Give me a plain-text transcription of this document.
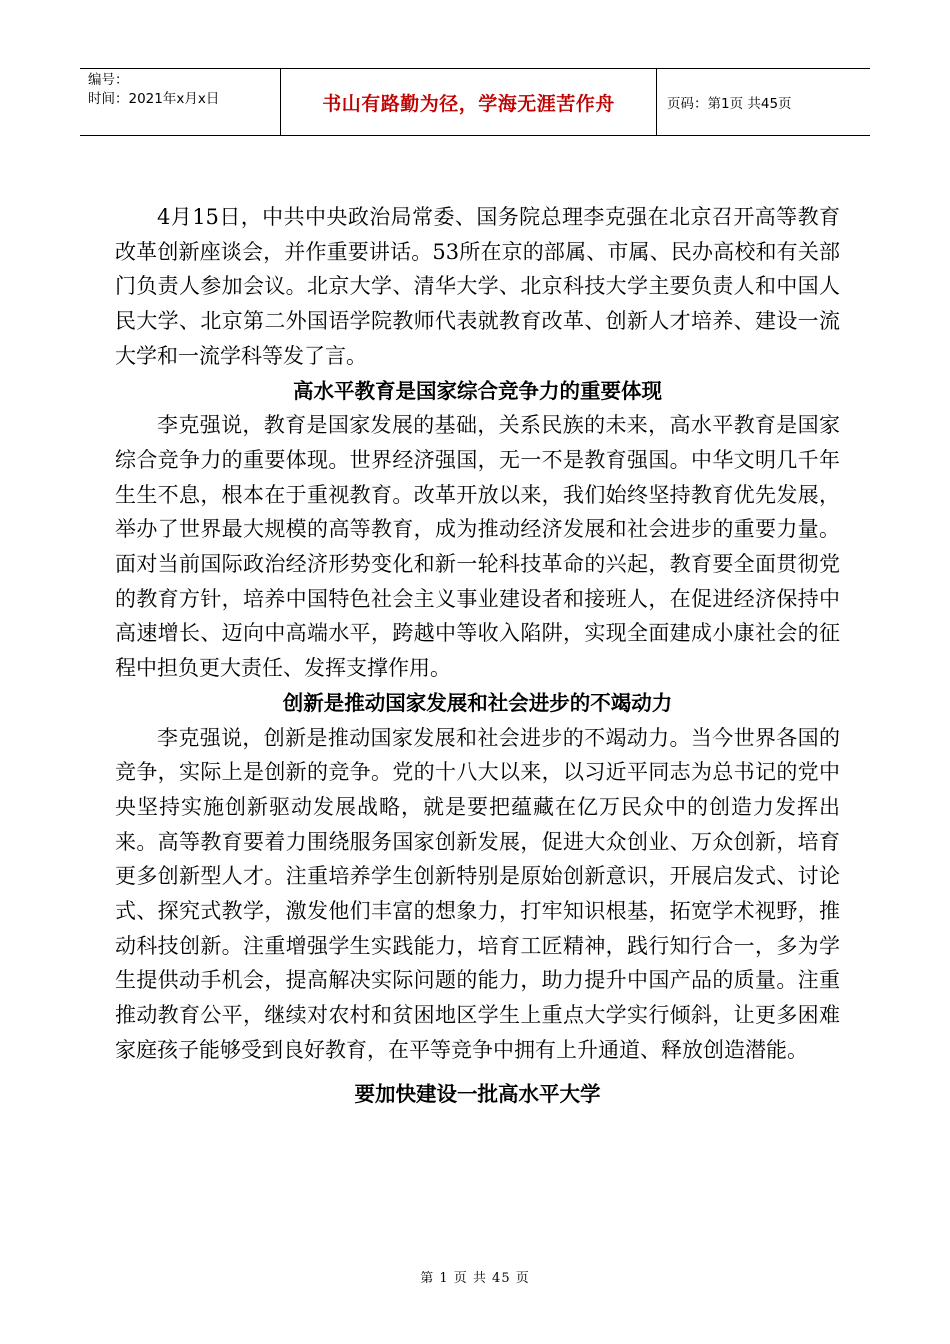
编号：
时间：2021年x月x日	书山有路勤为径，学海无涯苦作舟	页码：第1页 共45页

4月15日，中共中央政治局常委、国务院总理李克强在北京召开高等教育改革创新座谈会，并作重要讲话。53所在京的部属、市属、民办高校和有关部门负责人参加会议。北京大学、清华大学、北京科技大学主要负责人和中国人民大学、北京第二外国语学院教师代表就教育改革、创新人才培养、建设一流大学和一流学科等发了言。

高水平教育是国家综合竞争力的重要体现

李克强说，教育是国家发展的基础，关系民族的未来，高水平教育是国家综合竞争力的重要体现。世界经济强国，无一不是教育强国。中华文明几千年生生不息，根本在于重视教育。改革开放以来，我们始终坚持教育优先发展，举办了世界最大规模的高等教育，成为推动经济发展和社会进步的重要力量。面对当前国际政治经济形势变化和新一轮科技革命的兴起，教育要全面贯彻党的教育方针，培养中国特色社会主义事业建设者和接班人，在促进经济保持中高速增长、迈向中高端水平，跨越中等收入陷阱，实现全面建成小康社会的征程中担负更大责任、发挥支撑作用。

创新是推动国家发展和社会进步的不竭动力

李克强说，创新是推动国家发展和社会进步的不竭动力。当今世界各国的竞争，实际上是创新的竞争。党的十八大以来，以习近平同志为总书记的党中央坚持实施创新驱动发展战略，就是要把蕴藏在亿万民众中的创造力发挥出来。高等教育要着力围绕服务国家创新发展，促进大众创业、万众创新，培育更多创新型人才。注重培养学生创新特别是原始创新意识，开展启发式、讨论式、探究式教学，激发他们丰富的想象力，打牢知识根基，拓宽学术视野，推动科技创新。注重增强学生实践能力，培育工匠精神，践行知行合一，多为学生提供动手机会，提高解决实际问题的能力，助力提升中国产品的质量。注重推动教育公平，继续对农村和贫困地区学生上重点大学实行倾斜，让更多困难家庭孩子能够受到良好教育，在平等竞争中拥有上升通道、释放创造潜能。

要加快建设一批高水平大学

第 1 页 共 45 页
